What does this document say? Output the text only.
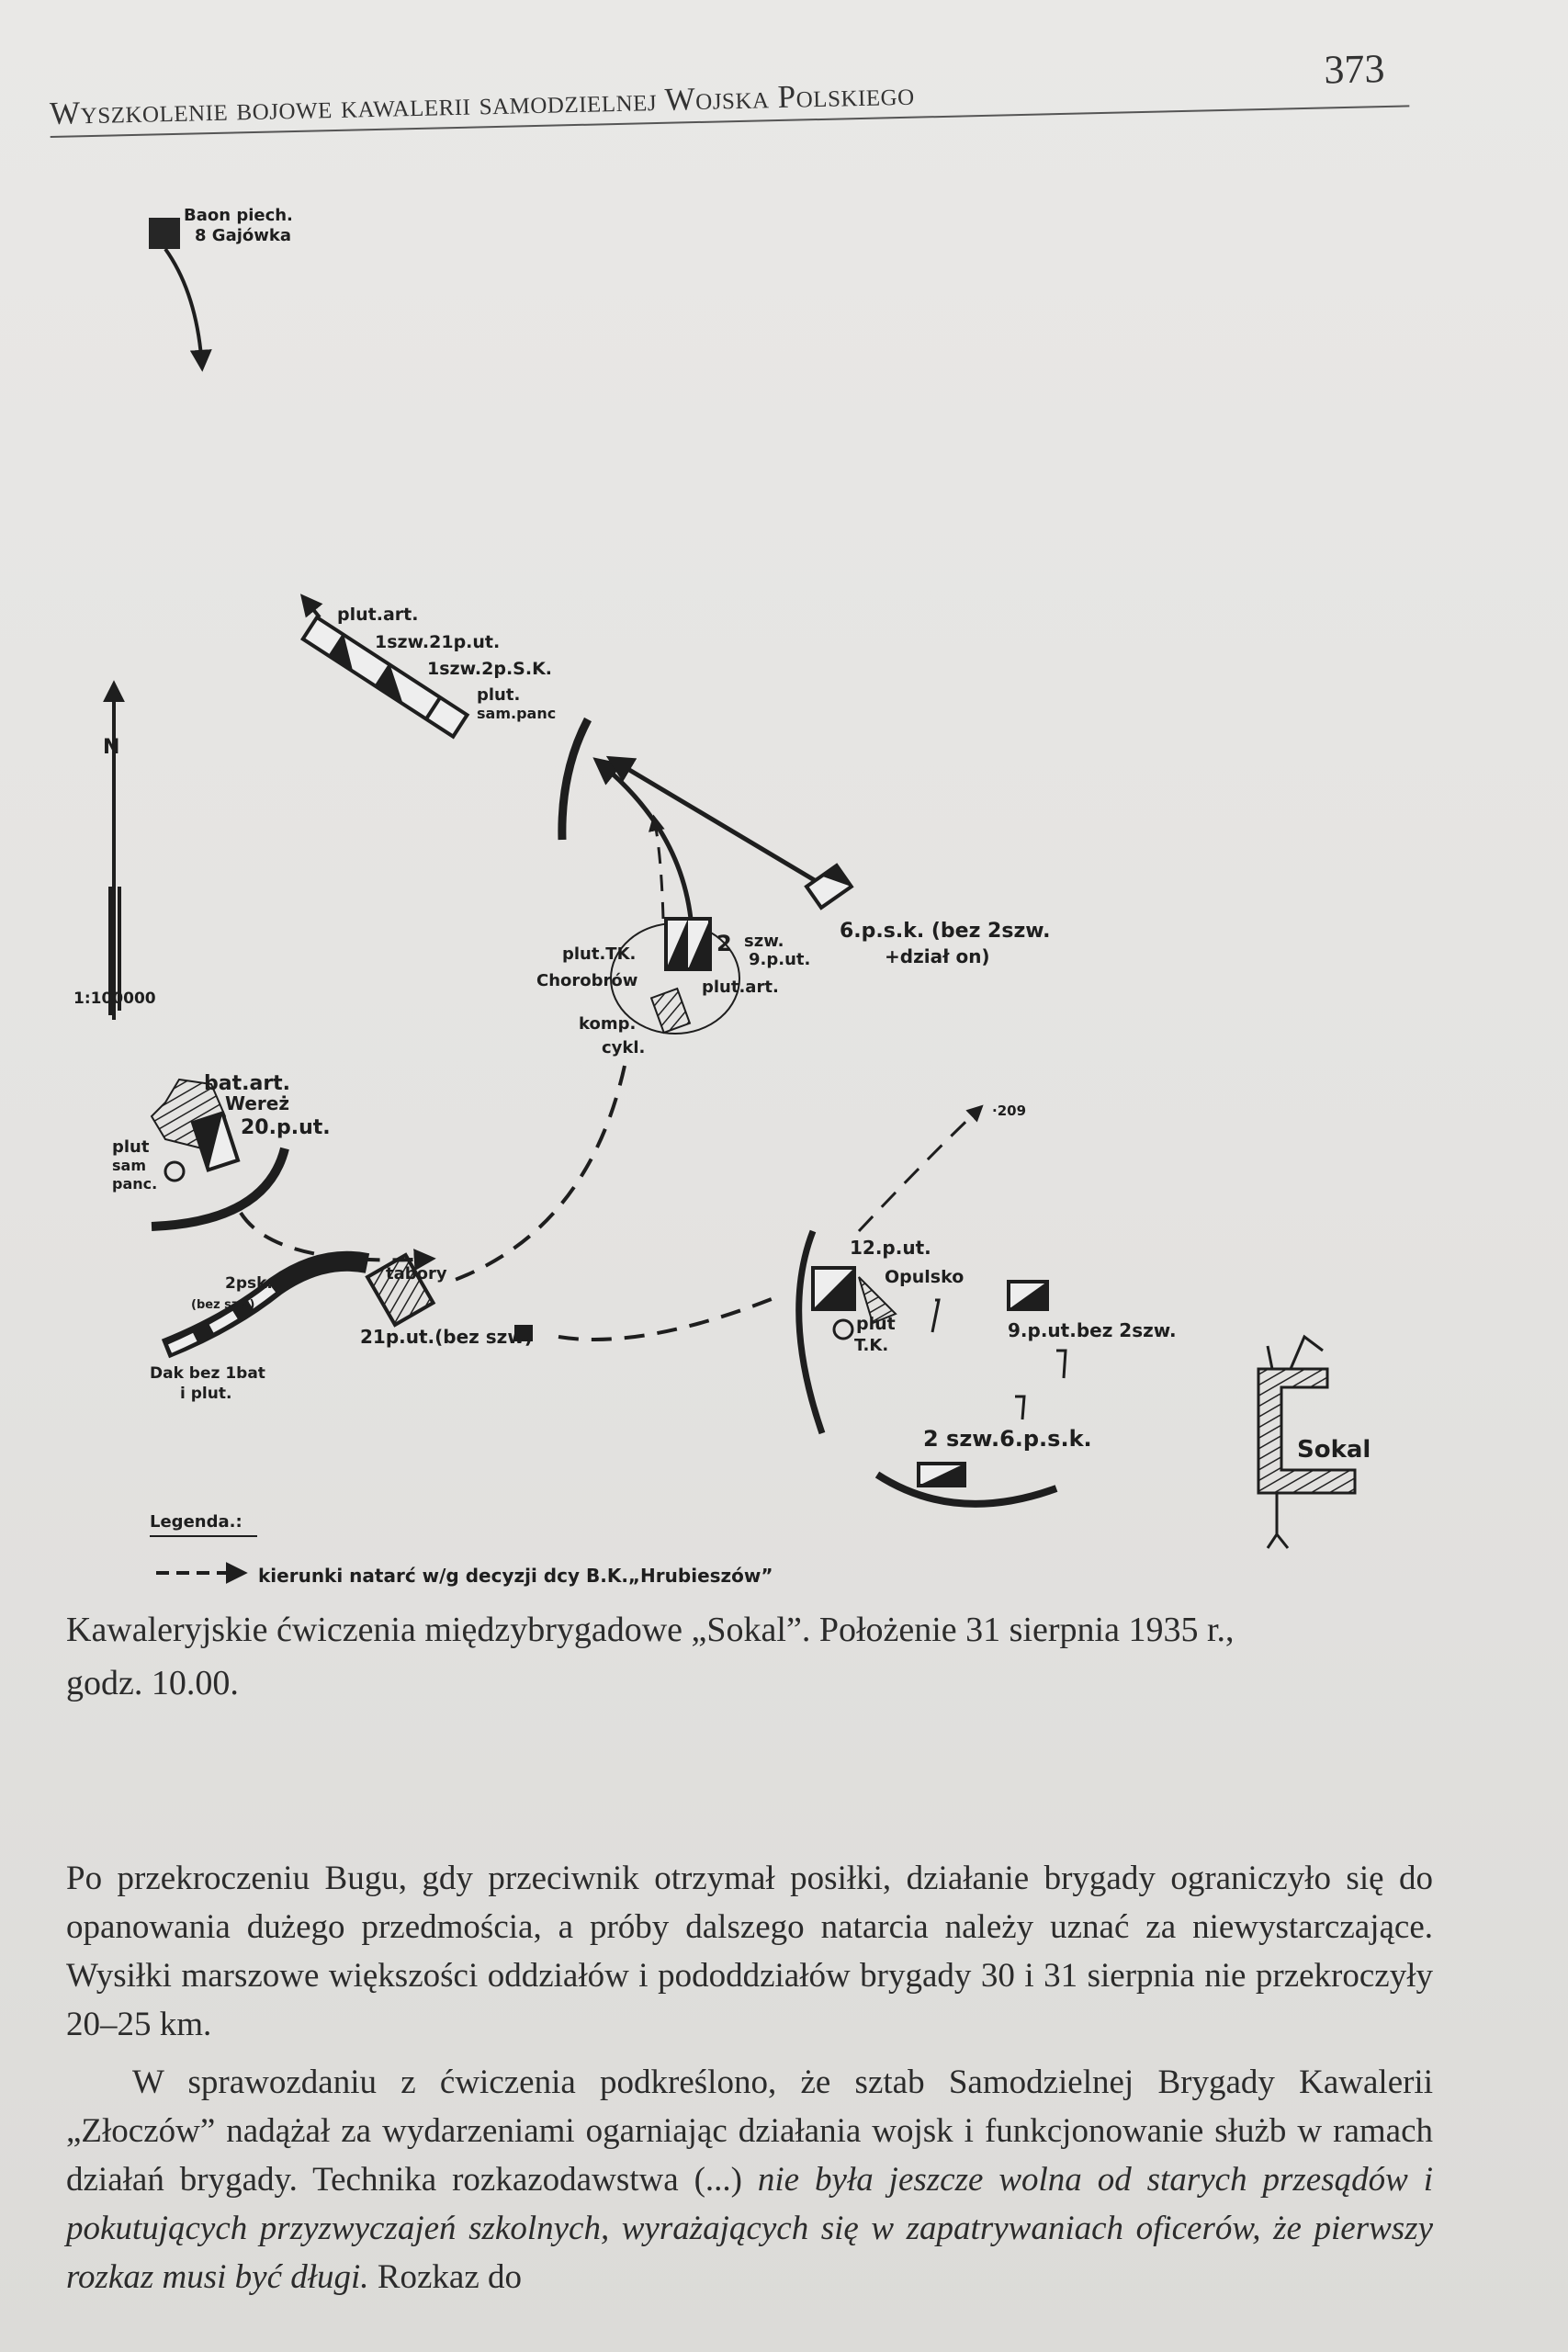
Wyszkolenie bojowe kawalerii samodzielnej Wojska Polskiego
373
Baon piech.
8 Gajówka
N
1:100000
plut.art.
1szw.21p.ut.
1szw.2p.S.K.
plut.
sam.panc
6.p.s.k. (bez 2szw.
+dział on)
plut.TK.
Chorobrów
2 szw.
9.p.ut.
plut.art.
komp.
cykl.
bat.art.
Wereż
20.p.ut.
plut
sam
panc.
2psk.
(bez szw)
tabory
21p.ut.(bez szw)
Dak bez 1bat
i plut.
·209
12.p.ut.
Opulsko
plut
T.K.
9.p.ut.bez 2szw.
2 szw.6.p.s.k.	Sokal
Legenda.:
kierunki natarć w/g decyzji dcy B.K.„Hrubieszów”
Kawaleryjskie ćwiczenia międzybrygadowe „Sokal”. Położenie 31 sierpnia 1935 r.,
godz. 10.00.

Po przekroczeniu Bugu, gdy przeciwnik otrzymał posiłki, działanie brygady ograniczyło się do opanowania dużego przedmościa, a próby dalszego natarcia należy uznać za niewystarczające. Wysiłki marszowe większości oddziałów i pododdziałów brygady 30 i 31 sierpnia nie przekroczyły 20–25 km.

W sprawozdaniu z ćwiczenia podkreślono, że sztab Samodzielnej Brygady Kawalerii „Złoczów” nadążał za wydarzeniami ogarniając działania wojsk i funkcjonowanie służb w ramach działań brygady. Technika rozkazodawstwa (...) nie była jeszcze wolna od starych przesądów i pokutujących przyzwyczajeń szkolnych, wyrażających się w zapatrywaniach oficerów, że pierwszy rozkaz musi być długi. Rozkaz do
